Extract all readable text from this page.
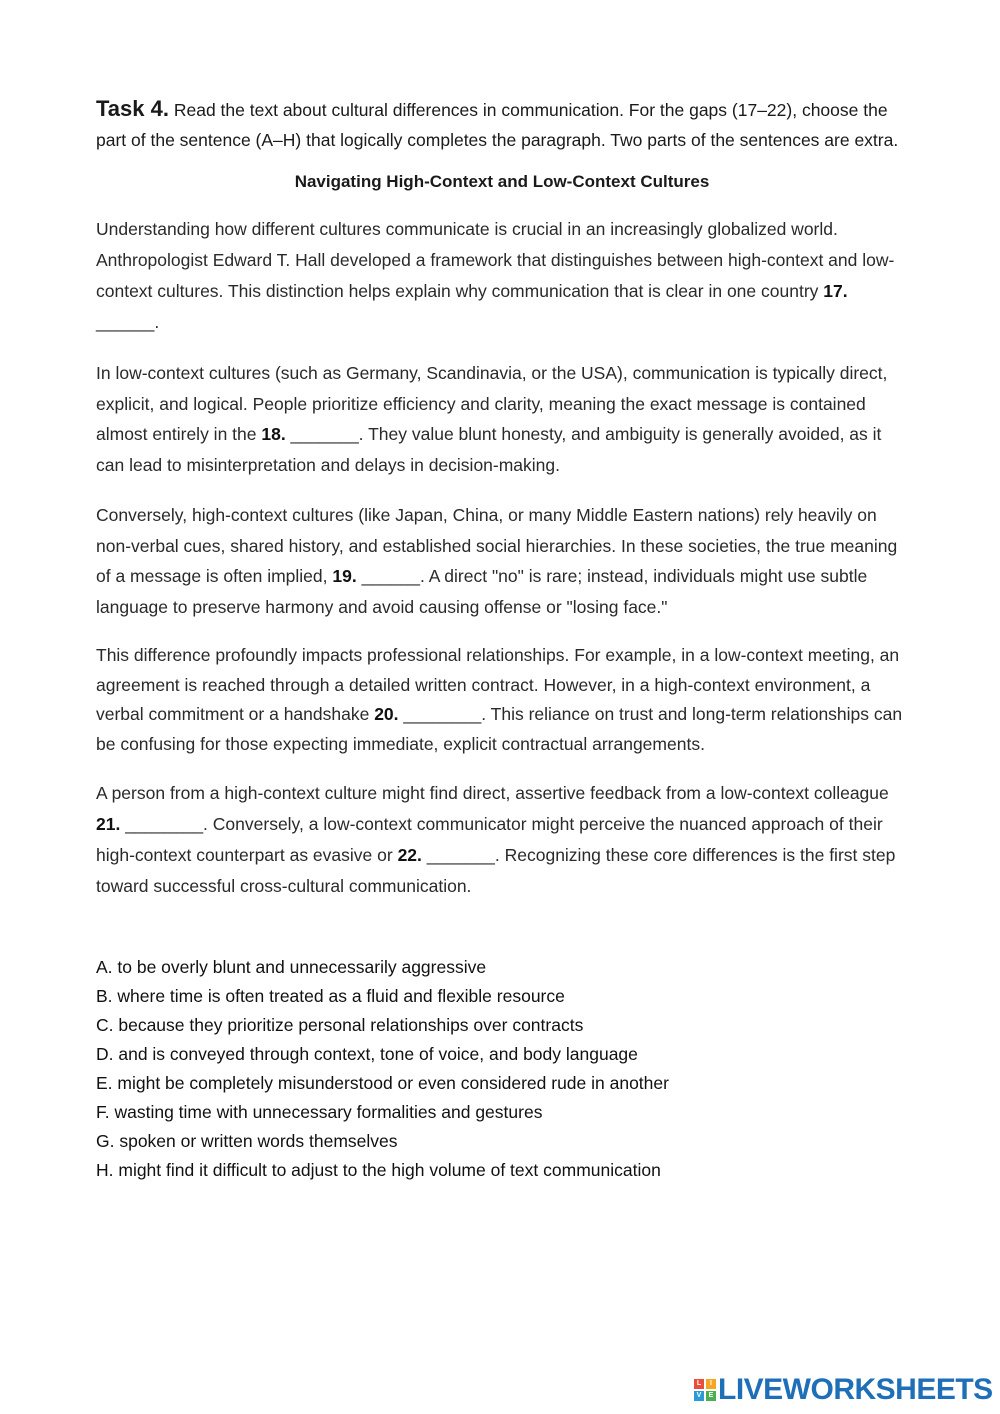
Task 4. Read the text about cultural differences in communication. For the gaps (17–22), choose the part of the sentence (A–H) that logically completes the paragraph. Two parts of the sentences are extra.

Navigating High-Context and Low-Context Cultures

Understanding how different cultures communicate is crucial in an increasingly globalized world. Anthropologist Edward T. Hall developed a framework that distinguishes between high-context and low-context cultures. This distinction helps explain why communication that is clear in one country 17. ______.

In low-context cultures (such as Germany, Scandinavia, or the USA), communication is typically direct, explicit, and logical. People prioritize efficiency and clarity, meaning the exact message is contained almost entirely in the 18. _______. They value blunt honesty, and ambiguity is generally avoided, as it can lead to misinterpretation and delays in decision-making.

Conversely, high-context cultures (like Japan, China, or many Middle Eastern nations) rely heavily on non-verbal cues, shared history, and established social hierarchies. In these societies, the true meaning of a message is often implied, 19. ______. A direct "no" is rare; instead, individuals might use subtle language to preserve harmony and avoid causing offense or "losing face."

This difference profoundly impacts professional relationships. For example, in a low-context meeting, an agreement is reached through a detailed written contract. However, in a high-context environment, a verbal commitment or a handshake 20. ________. This reliance on trust and long-term relationships can be confusing for those expecting immediate, explicit contractual arrangements.

A person from a high-context culture might find direct, assertive feedback from a low-context colleague 21. ________. Conversely, a low-context communicator might perceive the nuanced approach of their high-context counterpart as evasive or 22. _______. Recognizing these core differences is the first step toward successful cross-cultural communication.

A. to be overly blunt and unnecessarily aggressive
B. where time is often treated as a fluid and flexible resource
C. because they prioritize personal relationships over contracts
D. and is conveyed through context, tone of voice, and body language
E. might be completely misunderstood or even considered rude in another
F. wasting time with unnecessary formalities and gestures
G. spoken or written words themselves
H. might find it difficult to adjust to the high volume of text communication
L	I
V	E LIVEWORKSHEETS
